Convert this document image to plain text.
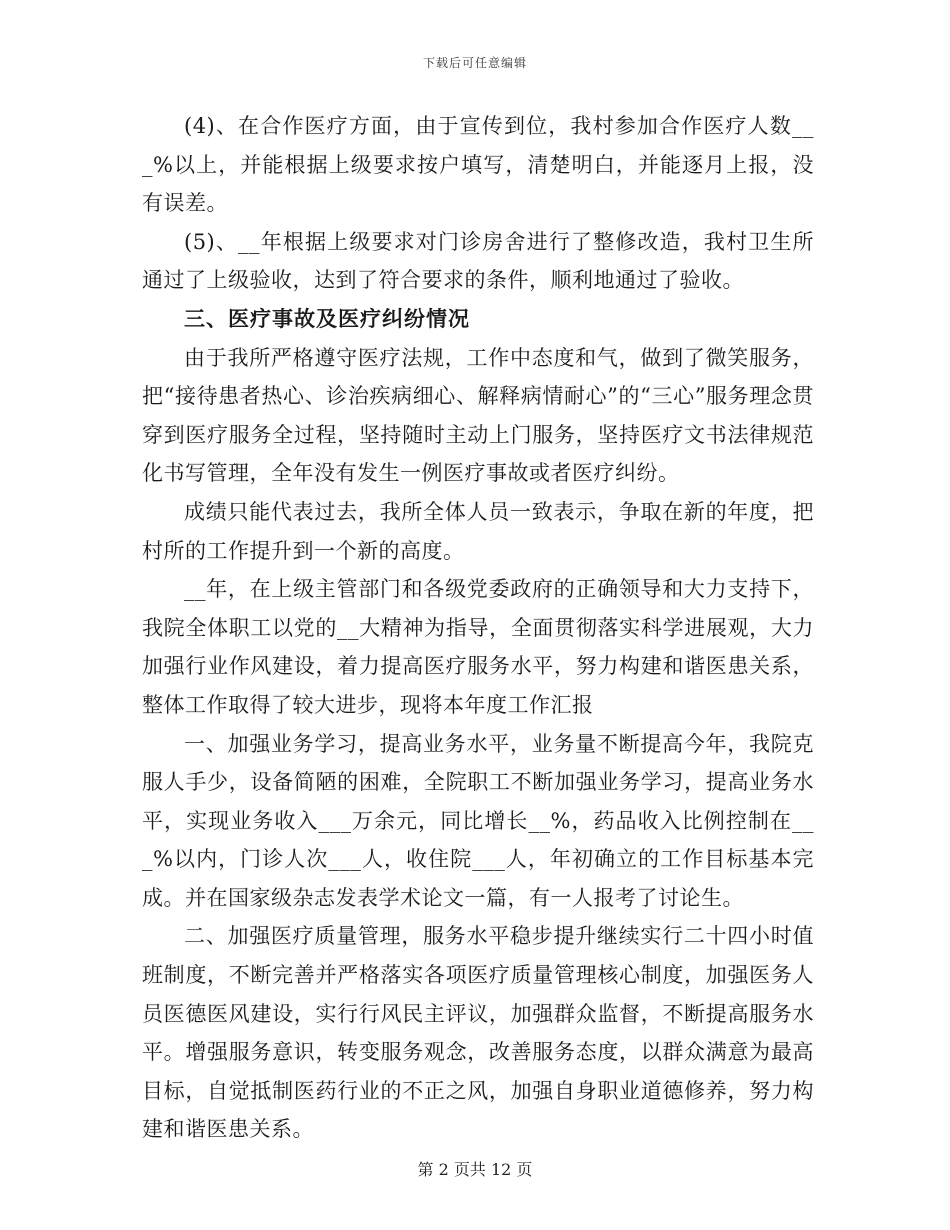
下载后可任意编辑

(4)、在合作医疗方面，由于宣传到位，我村参加合作医疗人数___%以上，并能根据上级要求按户填写，清楚明白，并能逐月上报，没有误差。

(5)、__年根据上级要求对门诊房舍进行了整修改造，我村卫生所通过了上级验收，达到了符合要求的条件，顺利地通过了验收。

三、医疗事故及医疗纠纷情况

由于我所严格遵守医疗法规，工作中态度和气，做到了微笑服务，把“接待患者热心、诊治疾病细心、解释病情耐心”的“三心”服务理念贯穿到医疗服务全过程，坚持随时主动上门服务，坚持医疗文书法律规范化书写管理，全年没有发生一例医疗事故或者医疗纠纷。

成绩只能代表过去，我所全体人员一致表示，争取在新的年度，把村所的工作提升到一个新的高度。

__年，在上级主管部门和各级党委政府的正确领导和大力支持下，我院全体职工以党的__大精神为指导，全面贯彻落实科学进展观，大力加强行业作风建设，着力提高医疗服务水平，努力构建和谐医患关系，整体工作取得了较大进步，现将本年度工作汇报

一、加强业务学习，提高业务水平，业务量不断提高今年，我院克服人手少，设备简陋的困难，全院职工不断加强业务学习，提高业务水平，实现业务收入___万余元，同比增长__%，药品收入比例控制在___%以内，门诊人次___人，收住院___人，年初确立的工作目标基本完成。并在国家级杂志发表学术论文一篇，有一人报考了讨论生。

二、加强医疗质量管理，服务水平稳步提升继续实行二十四小时值班制度，不断完善并严格落实各项医疗质量管理核心制度，加强医务人员医德医风建设，实行行风民主评议，加强群众监督，不断提高服务水平。增强服务意识，转变服务观念，改善服务态度，以群众满意为最高目标，自觉抵制医药行业的不正之风，加强自身职业道德修养，努力构建和谐医患关系。

第 2 页共 12 页
